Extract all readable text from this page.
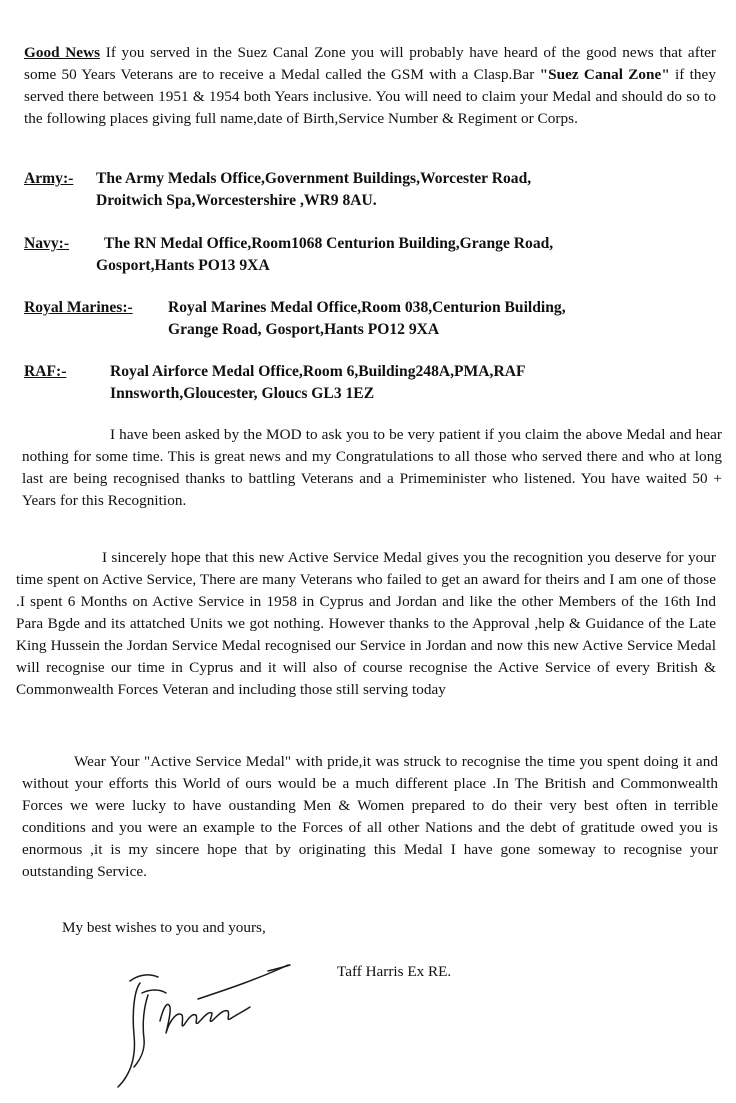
Good News If you served in the Suez Canal Zone you will probably have heard of the good news that after some 50 Years Veterans are to receive a Medal called the GSM with a Clasp.Bar "Suez Canal Zone" if they served there between 1951 & 1954 both Years inclusive. You will need to claim your Medal and should do so to the following places giving full name,date of Birth,Service Number & Regiment or Corps.

Army:- The Army Medals Office,Government Buildings,Worcester Road,
Droitwich Spa,Worcestershire ,WR9 8AU.
Navy:- The RN Medal Office,Room1068 Centurion Building,Grange Road,
Gosport,Hants PO13 9XA
Royal Marines:- Royal Marines Medal Office,Room 038,Centurion Building,
Grange Road, Gosport,Hants PO12 9XA
RAF:-	Royal Airforce Medal Office,Room 6,Building248A,PMA,RAF
Innsworth,Gloucester, Gloucs GL3 1EZ

I have been asked by the MOD to ask you to be very patient if you claim the above Medal and hear nothing for some time. This is great news and my Congratulations to all those who served there and who at long last are being recognised thanks to battling Veterans and a Primeminister who listened. You have waited 50 + Years for this Recognition.

I sincerely hope that this new Active Service Medal gives you the recognition you deserve for your time spent on Active Service, There are many Veterans who failed to get an award for theirs and I am one of those .I spent 6 Months on Active Service in 1958 in Cyprus and Jordan and like the other Members of the 16th Ind Para Bgde and its attatched Units we got nothing. However thanks to the Approval ,help & Guidance of the Late King Hussein the Jordan Service Medal recognised our Service in Jordan and now this new Active Service Medal will recognise our time in Cyprus and it will also of course recognise the Active Service of every British & Commonwealth Forces Veteran and including those still serving today

Wear Your "Active Service Medal" with pride,it was struck to recognise the time you spent doing it and without your efforts this World of ours would be a much different place .In The British and Commonwealth Forces we were lucky to have oustanding Men & Women prepared to do their very best often in terrible conditions and you were an example to the Forces of all other Nations and the debt of gratitude owed you is enormous ,it is my sincere hope that by originating this Medal I have gone someway to recognise your outstanding Service.

My best wishes to you and yours,

Taff Harris Ex RE.
